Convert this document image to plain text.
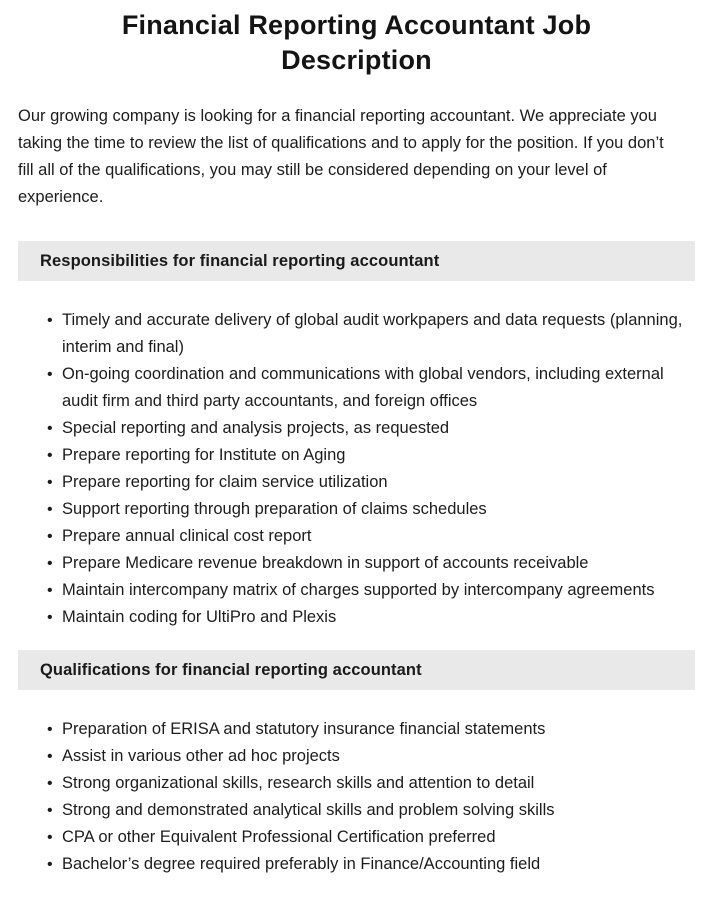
Financial Reporting Accountant Job Description

Our growing company is looking for a financial reporting accountant. We appreciate you taking the time to review the list of qualifications and to apply for the position. If you don’t fill all of the qualifications, you may still be considered depending on your level of experience.

Responsibilities for financial reporting accountant
• Timely and accurate delivery of global audit workpapers and data requests (planning, interim and final)
• On-going coordination and communications with global vendors, including external audit firm and third party accountants, and foreign offices
• Special reporting and analysis projects, as requested
• Prepare reporting for Institute on Aging
• Prepare reporting for claim service utilization
• Support reporting through preparation of claims schedules
• Prepare annual clinical cost report
• Prepare Medicare revenue breakdown in support of accounts receivable
• Maintain intercompany matrix of charges supported by intercompany agreements
• Maintain coding for UltiPro and Plexis
Qualifications for financial reporting accountant
• Preparation of ERISA and statutory insurance financial statements
• Assist in various other ad hoc projects
• Strong organizational skills, research skills and attention to detail
• Strong and demonstrated analytical skills and problem solving skills
• CPA or other Equivalent Professional Certification preferred
• Bachelor’s degree required preferably in Finance/Accounting field
